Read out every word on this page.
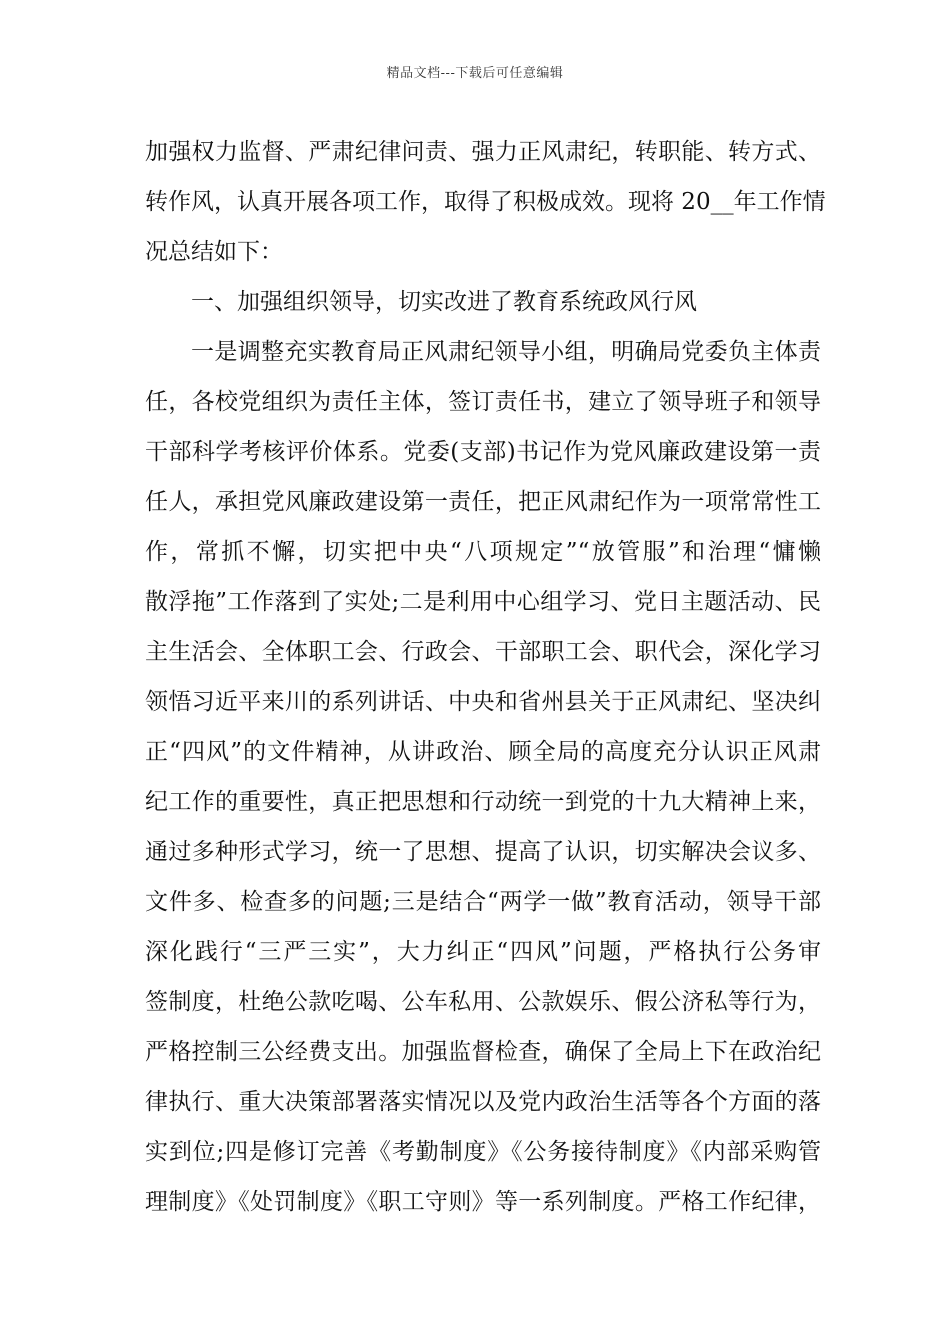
精品文档---下载后可任意编辑
加强权力监督、严肃纪律问责、强力正风肃纪，转职能、转方式、
转作风，认真开展各项工作，取得了积极成效。现将 20__年工作情
况总结如下：
一、加强组织领导，切实改进了教育系统政风行风
一是调整充实教育局正风肃纪领导小组，明确局党委负主体责
任，各校党组织为责任主体，签订责任书，建立了领导班子和领导
干部科学考核评价体系。党委(支部)书记作为党风廉政建设第一责
任人，承担党风廉政建设第一责任，把正风肃纪作为一项常常性工
作，常抓不懈，切实把中央“八项规定”“放管服”和治理“慵懒
散浮拖”工作落到了实处;二是利用中心组学习、党日主题活动、民
主生活会、全体职工会、行政会、干部职工会、职代会，深化学习
领悟习近平来川的系列讲话、中央和省州县关于正风肃纪、坚决纠
正“四风”的文件精神，从讲政治、顾全局的高度充分认识正风肃
纪工作的重要性，真正把思想和行动统一到党的十九大精神上来，
通过多种形式学习，统一了思想、提高了认识，切实解决会议多、
文件多、检查多的问题;三是结合“两学一做”教育活动，领导干部
深化践行“三严三实”，大力纠正“四风”问题，严格执行公务审
签制度，杜绝公款吃喝、公车私用、公款娱乐、假公济私等行为，
严格控制三公经费支出。加强监督检查，确保了全局上下在政治纪
律执行、重大决策部署落实情况以及党内政治生活等各个方面的落
实到位;四是修订完善《考勤制度》《公务接待制度》《内部采购管
理制度》《处罚制度》《职工守则》等一系列制度。严格工作纪律，
